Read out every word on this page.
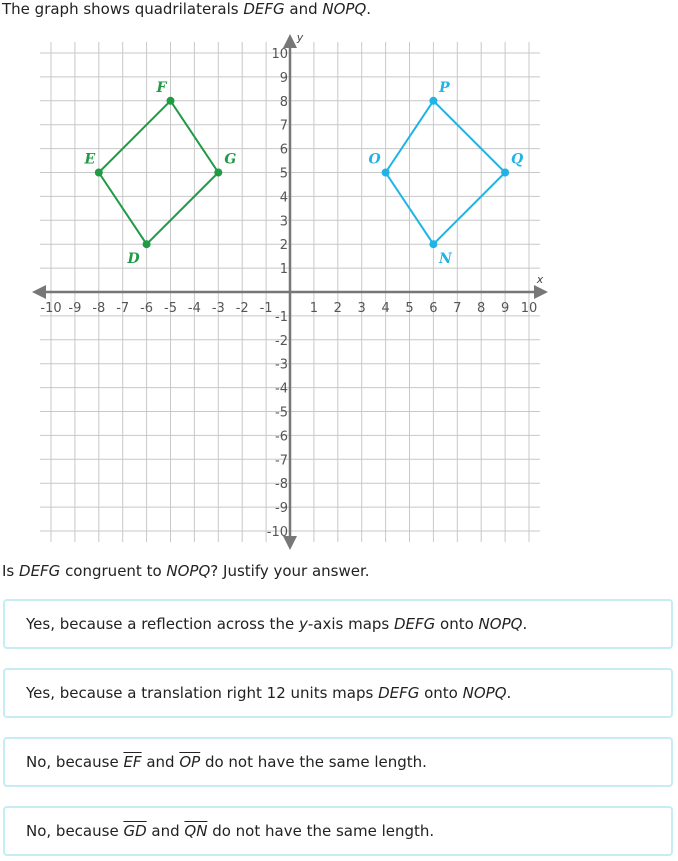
The graph shows quadrilaterals DEFG and NOPQ.
x
y
-10 -9 -8 -7 -6 -5 -4 -3 -2 -1	1 2 3 4 5 6 7 8 9 10
-10
-9
-8
-7
-6
-5
-4
-3
-2
-1
1
2
3
4
5
6
7
8
9
10
D
E
F
G
N
O
P
Q
Is DEFG congruent to NOPQ? Justify your answer.
Yes, because a reflection across the y-axis maps DEFG onto NOPQ.
Yes, because a translation right 12 units maps DEFG onto NOPQ.
No, because $\overline{EF}$ and $\overline{OP}$ do not have the same length.
No, because $\overline{GD}$ and $\overline{QN}$ do not have the same length.
